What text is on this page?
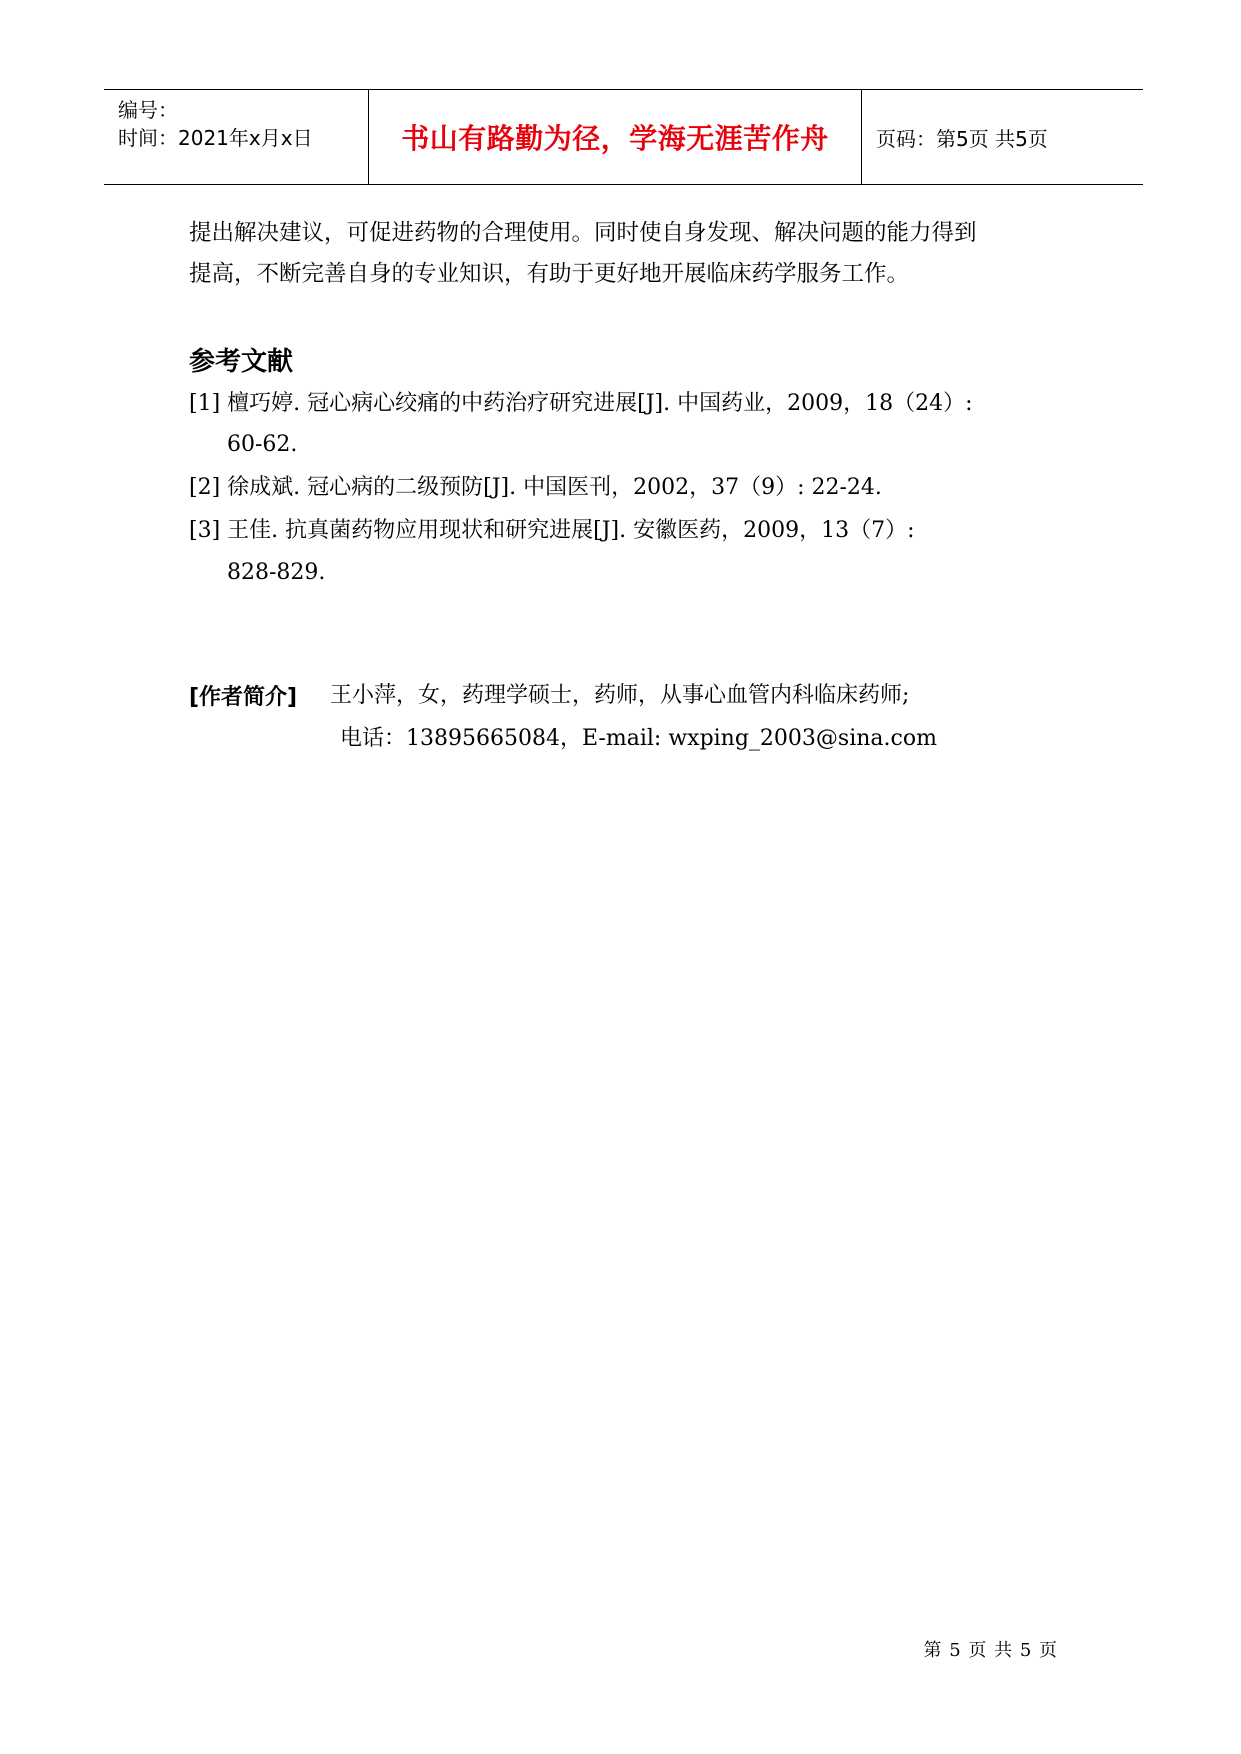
编号：
时间：2021年x月x日	书山有路勤为径，学海无涯苦作舟 页码：第5页 共5页
提出解决建议，可促进药物的合理使用。同时使自身发现、解决问题的能力得到
提高，不断完善自身的专业知识，有助于更好地开展临床药学服务工作。
参考文献
[1] 檀巧婷. 冠心病心绞痛的中药治疗研究进展[J]. 中国药业，2009，18（24）:
60-62.
[2] 徐成斌. 冠心病的二级预防[J]. 中国医刊，2002，37（9）: 22-24.
[3] 王佳. 抗真菌药物应用现状和研究进展[J]. 安徽医药，2009，13（7）:
828-829.
[作者简介] 王小萍，女，药理学硕士，药师，从事心血管内科临床药师;
电话：13895665084，E-mail: wxping_2003@sina.com
第 5 页 共 5 页
